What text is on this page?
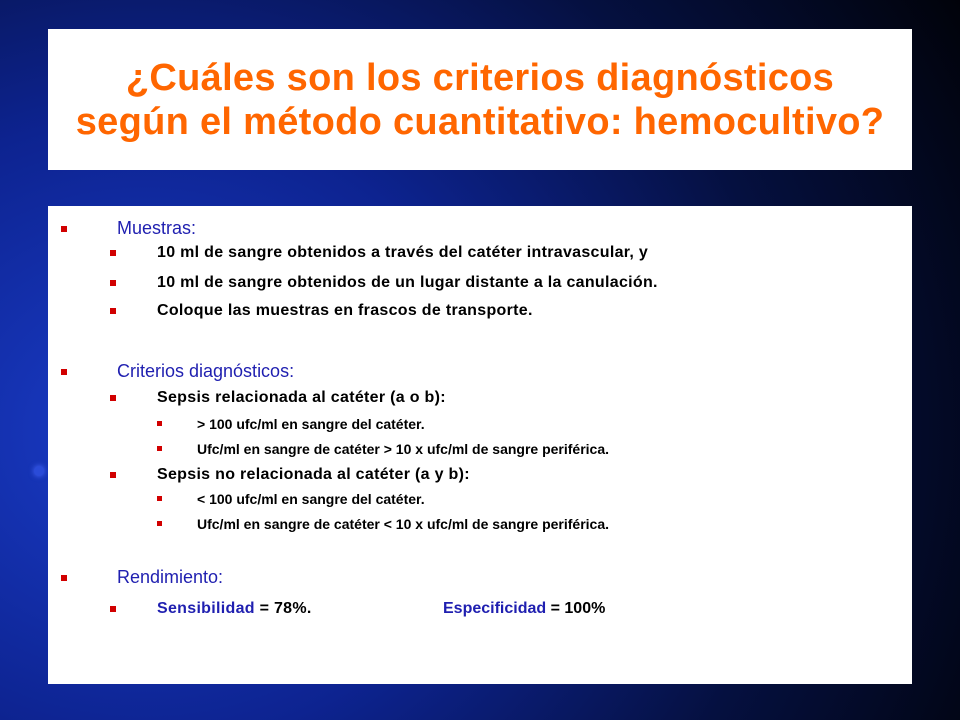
¿Cuáles son los criterios diagnósticos según el método cuantitativo: hemocultivo?
Muestras:
10 ml de sangre obtenidos a través del catéter intravascular, y
10 ml de sangre obtenidos de un lugar distante a la canulación.
Coloque las muestras en frascos de transporte.
Criterios diagnósticos:
Sepsis relacionada al catéter (a o b):
> 100 ufc/ml en sangre del catéter.
Ufc/ml en sangre de catéter > 10 x ufc/ml de sangre periférica.
Sepsis no relacionada al catéter (a y b):
< 100 ufc/ml en sangre del catéter.
Ufc/ml en sangre de catéter < 10 x ufc/ml de sangre periférica.
Rendimiento:
Sensibilidad = 78%.	Especificidad = 100%
